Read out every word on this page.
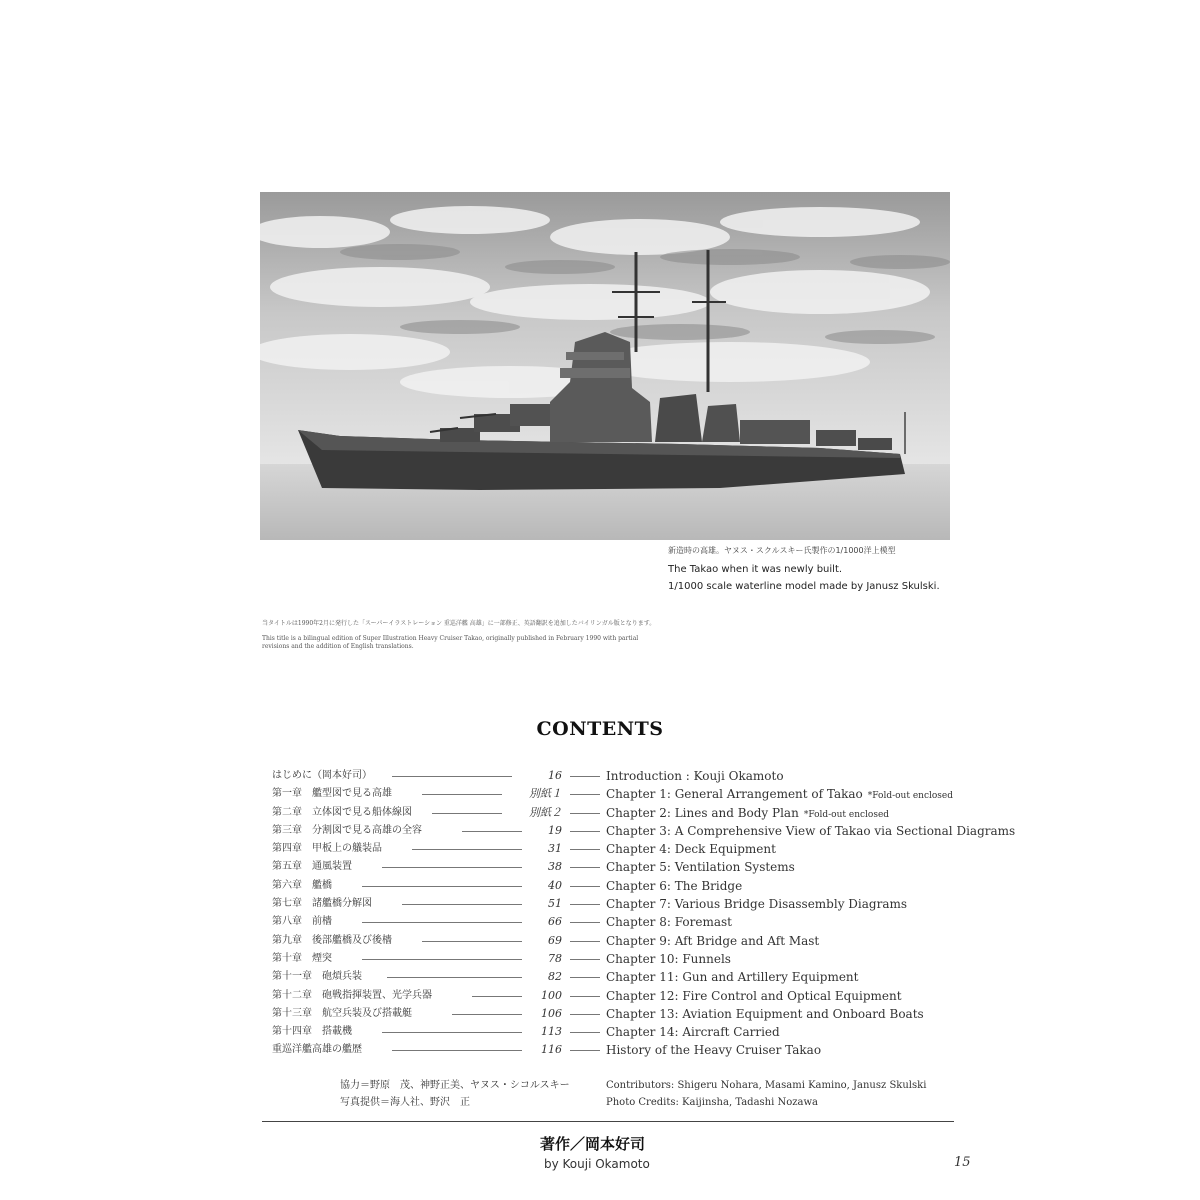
新造時の高雄。ヤヌス・スクルスキー氏製作の1/1000洋上模型
The Takao when it was newly built.
1/1000 scale waterline model made by Janusz Skulski.

当タイトルは1990年2月に発行した「スーパーイラストレーション 重巡洋艦 高雄」に一部修正、英語翻訳を追加したバイリンガル版となります。

This title is a bilingual edition of Super Illustration Heavy Cruiser Takao, originally published in February 1990 with partial revisions and the addition of English translations.

CONTENTS
はじめに（岡本好司）	16	Introduction : Kouji Okamoto
第一章　艦型図で見る高雄	別紙１	Chapter 1: General Arrangement of Takao *Fold-out enclosed
第二章　立体図で見る船体線図	別紙２	Chapter 2: Lines and Body Plan *Fold-out enclosed
第三章　分割図で見る高雄の全容	19	Chapter 3: A Comprehensive View of Takao via Sectional Diagrams
第四章　甲板上の艤装品	31	Chapter 4: Deck Equipment
第五章　通風装置	38	Chapter 5: Ventilation Systems
第六章　艦橋	40	Chapter 6: The Bridge
第七章　諸艦橋分解図	51	Chapter 7: Various Bridge Disassembly Diagrams
第八章　前檣	66	Chapter 8: Foremast
第九章　後部艦橋及び後檣	69	Chapter 9: Aft Bridge and Aft Mast
第十章　煙突	78	Chapter 10: Funnels
第十一章　砲熕兵装	82	Chapter 11: Gun and Artillery Equipment
第十二章　砲戦指揮装置、光学兵器	100	Chapter 12: Fire Control and Optical Equipment
第十三章　航空兵装及び搭載艇	106	Chapter 13: Aviation Equipment and Onboard Boats
第十四章　搭載機	113	Chapter 14: Aircraft Carried
重巡洋艦高雄の艦歴	116	History of the Heavy Cruiser Takao
協力＝野原　茂、神野正美、ヤヌス・シコルスキー	Contributors: Shigeru Nohara, Masami Kamino, Janusz Skulski
写真提供＝海人社、野沢　正	Photo Credits: Kaijinsha, Tadashi Nozawa
著作／岡本好司
by Kouji Okamoto	15
